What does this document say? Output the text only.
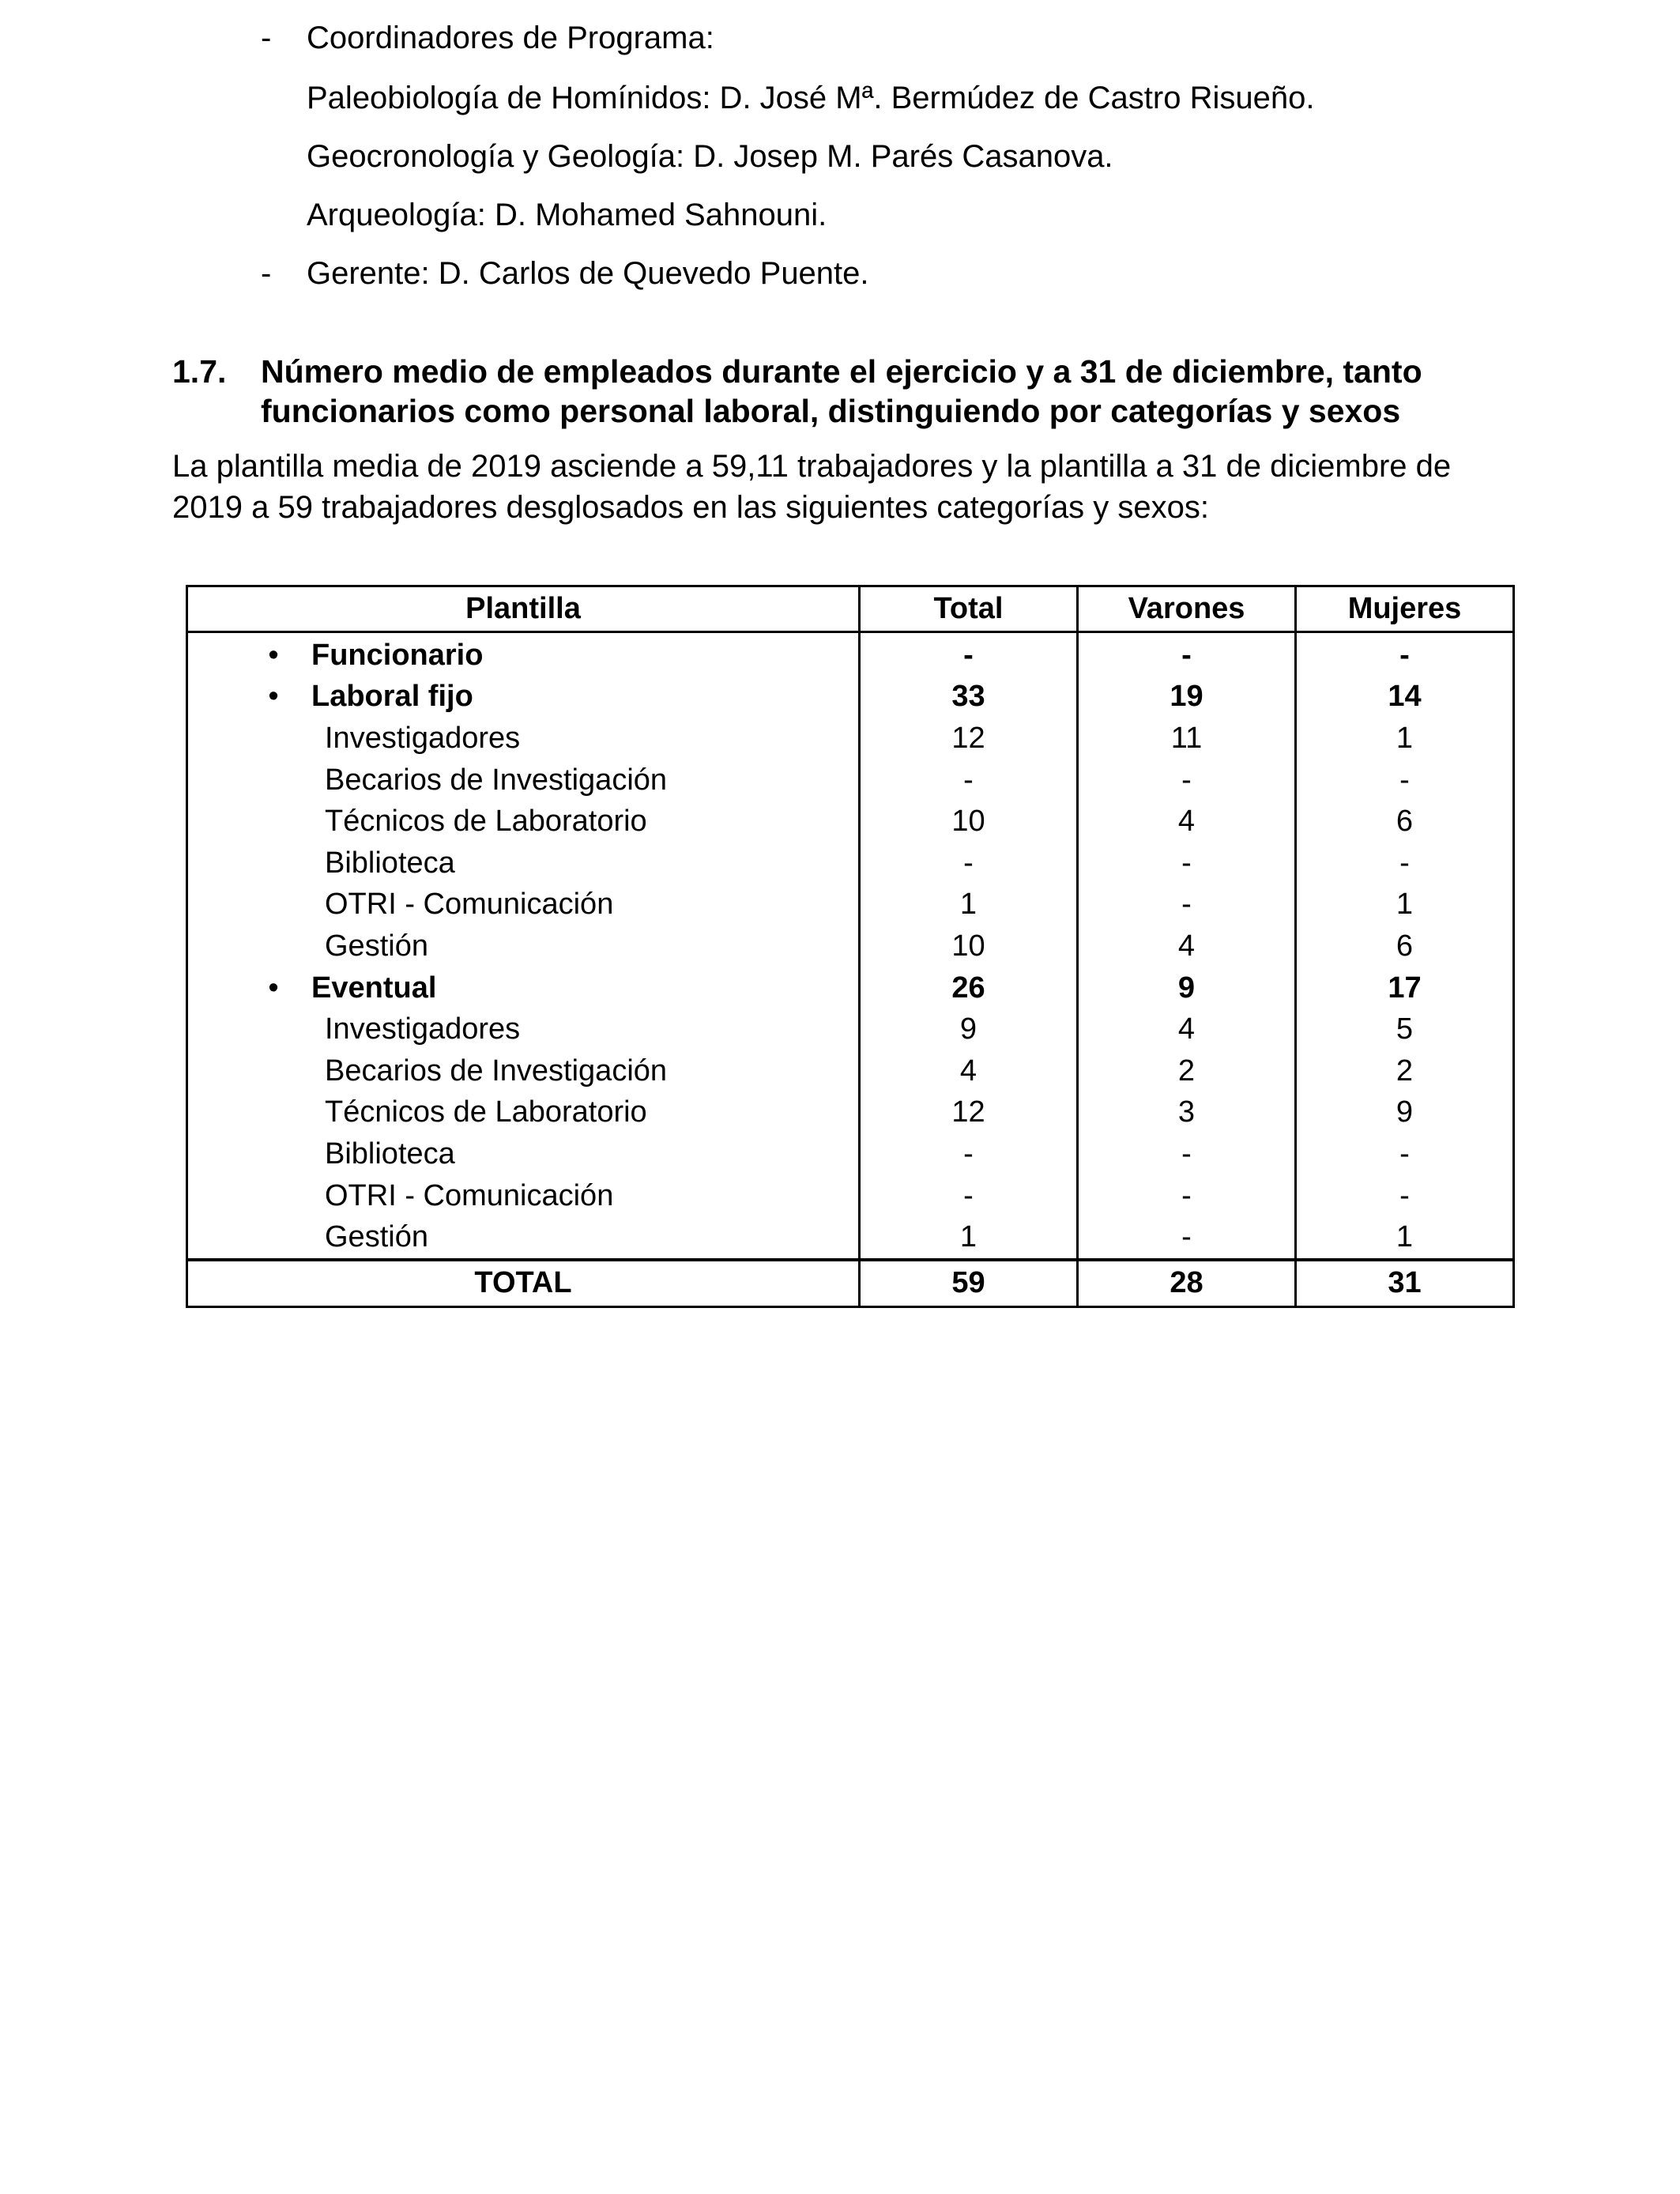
- Coordinadores de Programa:
Paleobiología de Homínidos: D. José Mª. Bermúdez de Castro Risueño.
Geocronología y Geología: D. Josep M. Parés Casanova.
Arqueología: D. Mohamed Sahnouni.
- Gerente: D. Carlos de Quevedo Puente.
1.7. Número medio de empleados durante el ejercicio y a 31 de diciembre, tanto
funcionarios como personal laboral, distinguiendo por categorías y sexos
La plantilla media de 2019 asciende a 59,11 trabajadores y la plantilla a 31 de diciembre de 2019 a 59 trabajadores desglosados en las siguientes categorías y sexos:
Plantilla	Total	Varones	Mujeres
• Funcionario	-	-	-
• Laboral fijo	33	19	14
Investigadores	12	11	1
Becarios de Investigación	-	-	-
Técnicos de Laboratorio	10	4	6
Biblioteca	-	-	-
OTRI - Comunicación	1	-	1
Gestión	10	4	6
• Eventual	26	9	17
Investigadores	9	4	5
Becarios de Investigación	4	2	2
Técnicos de Laboratorio	12	3	9
Biblioteca	-	-	-
OTRI - Comunicación	-	-	-
Gestión	1	-	1
TOTAL	59	28	31
